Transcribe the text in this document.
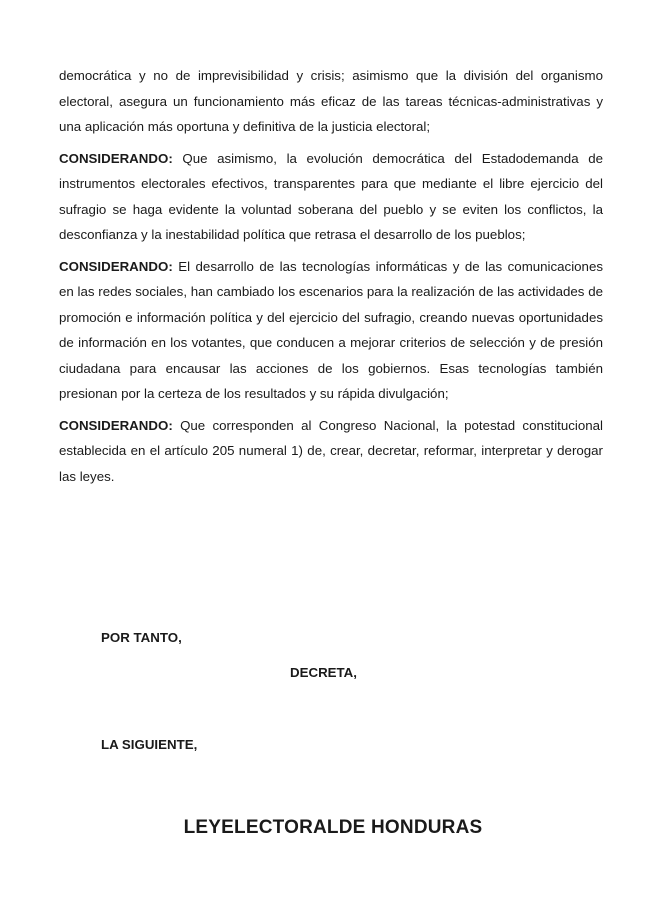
democrática y no de imprevisibilidad y crisis; asimismo que la división del organismo electoral, asegura un funcionamiento más eficaz de las tareas técnicas-administrativas y una aplicación más oportuna y definitiva de la justicia electoral;

CONSIDERANDO: Que asimismo, la evolución democrática del Estadodemanda de instrumentos electorales efectivos, transparentes para que mediante el libre ejercicio del sufragio se haga evidente la voluntad soberana del pueblo y se eviten los conflictos, la desconfianza y la inestabilidad política que retrasa el desarrollo de los pueblos;

CONSIDERANDO: El desarrollo de las tecnologías informáticas y de las comunicaciones en las redes sociales, han cambiado los escenarios para la realización de las actividades de promoción e información política y del ejercicio del sufragio, creando nuevas oportunidades de información en los votantes, que conducen a mejorar criterios de selección y de presión ciudadana para encausar las acciones de los gobiernos. Esas tecnologías también presionan por la certeza de los resultados y su rápida divulgación;

CONSIDERANDO: Que corresponden al Congreso Nacional, la potestad constitucional establecida en el artículo 205 numeral 1) de, crear, decretar, reformar, interpretar y derogar las leyes.

POR TANTO,

DECRETA,

LA SIGUIENTE,

LEYELECTORALDE HONDURAS
